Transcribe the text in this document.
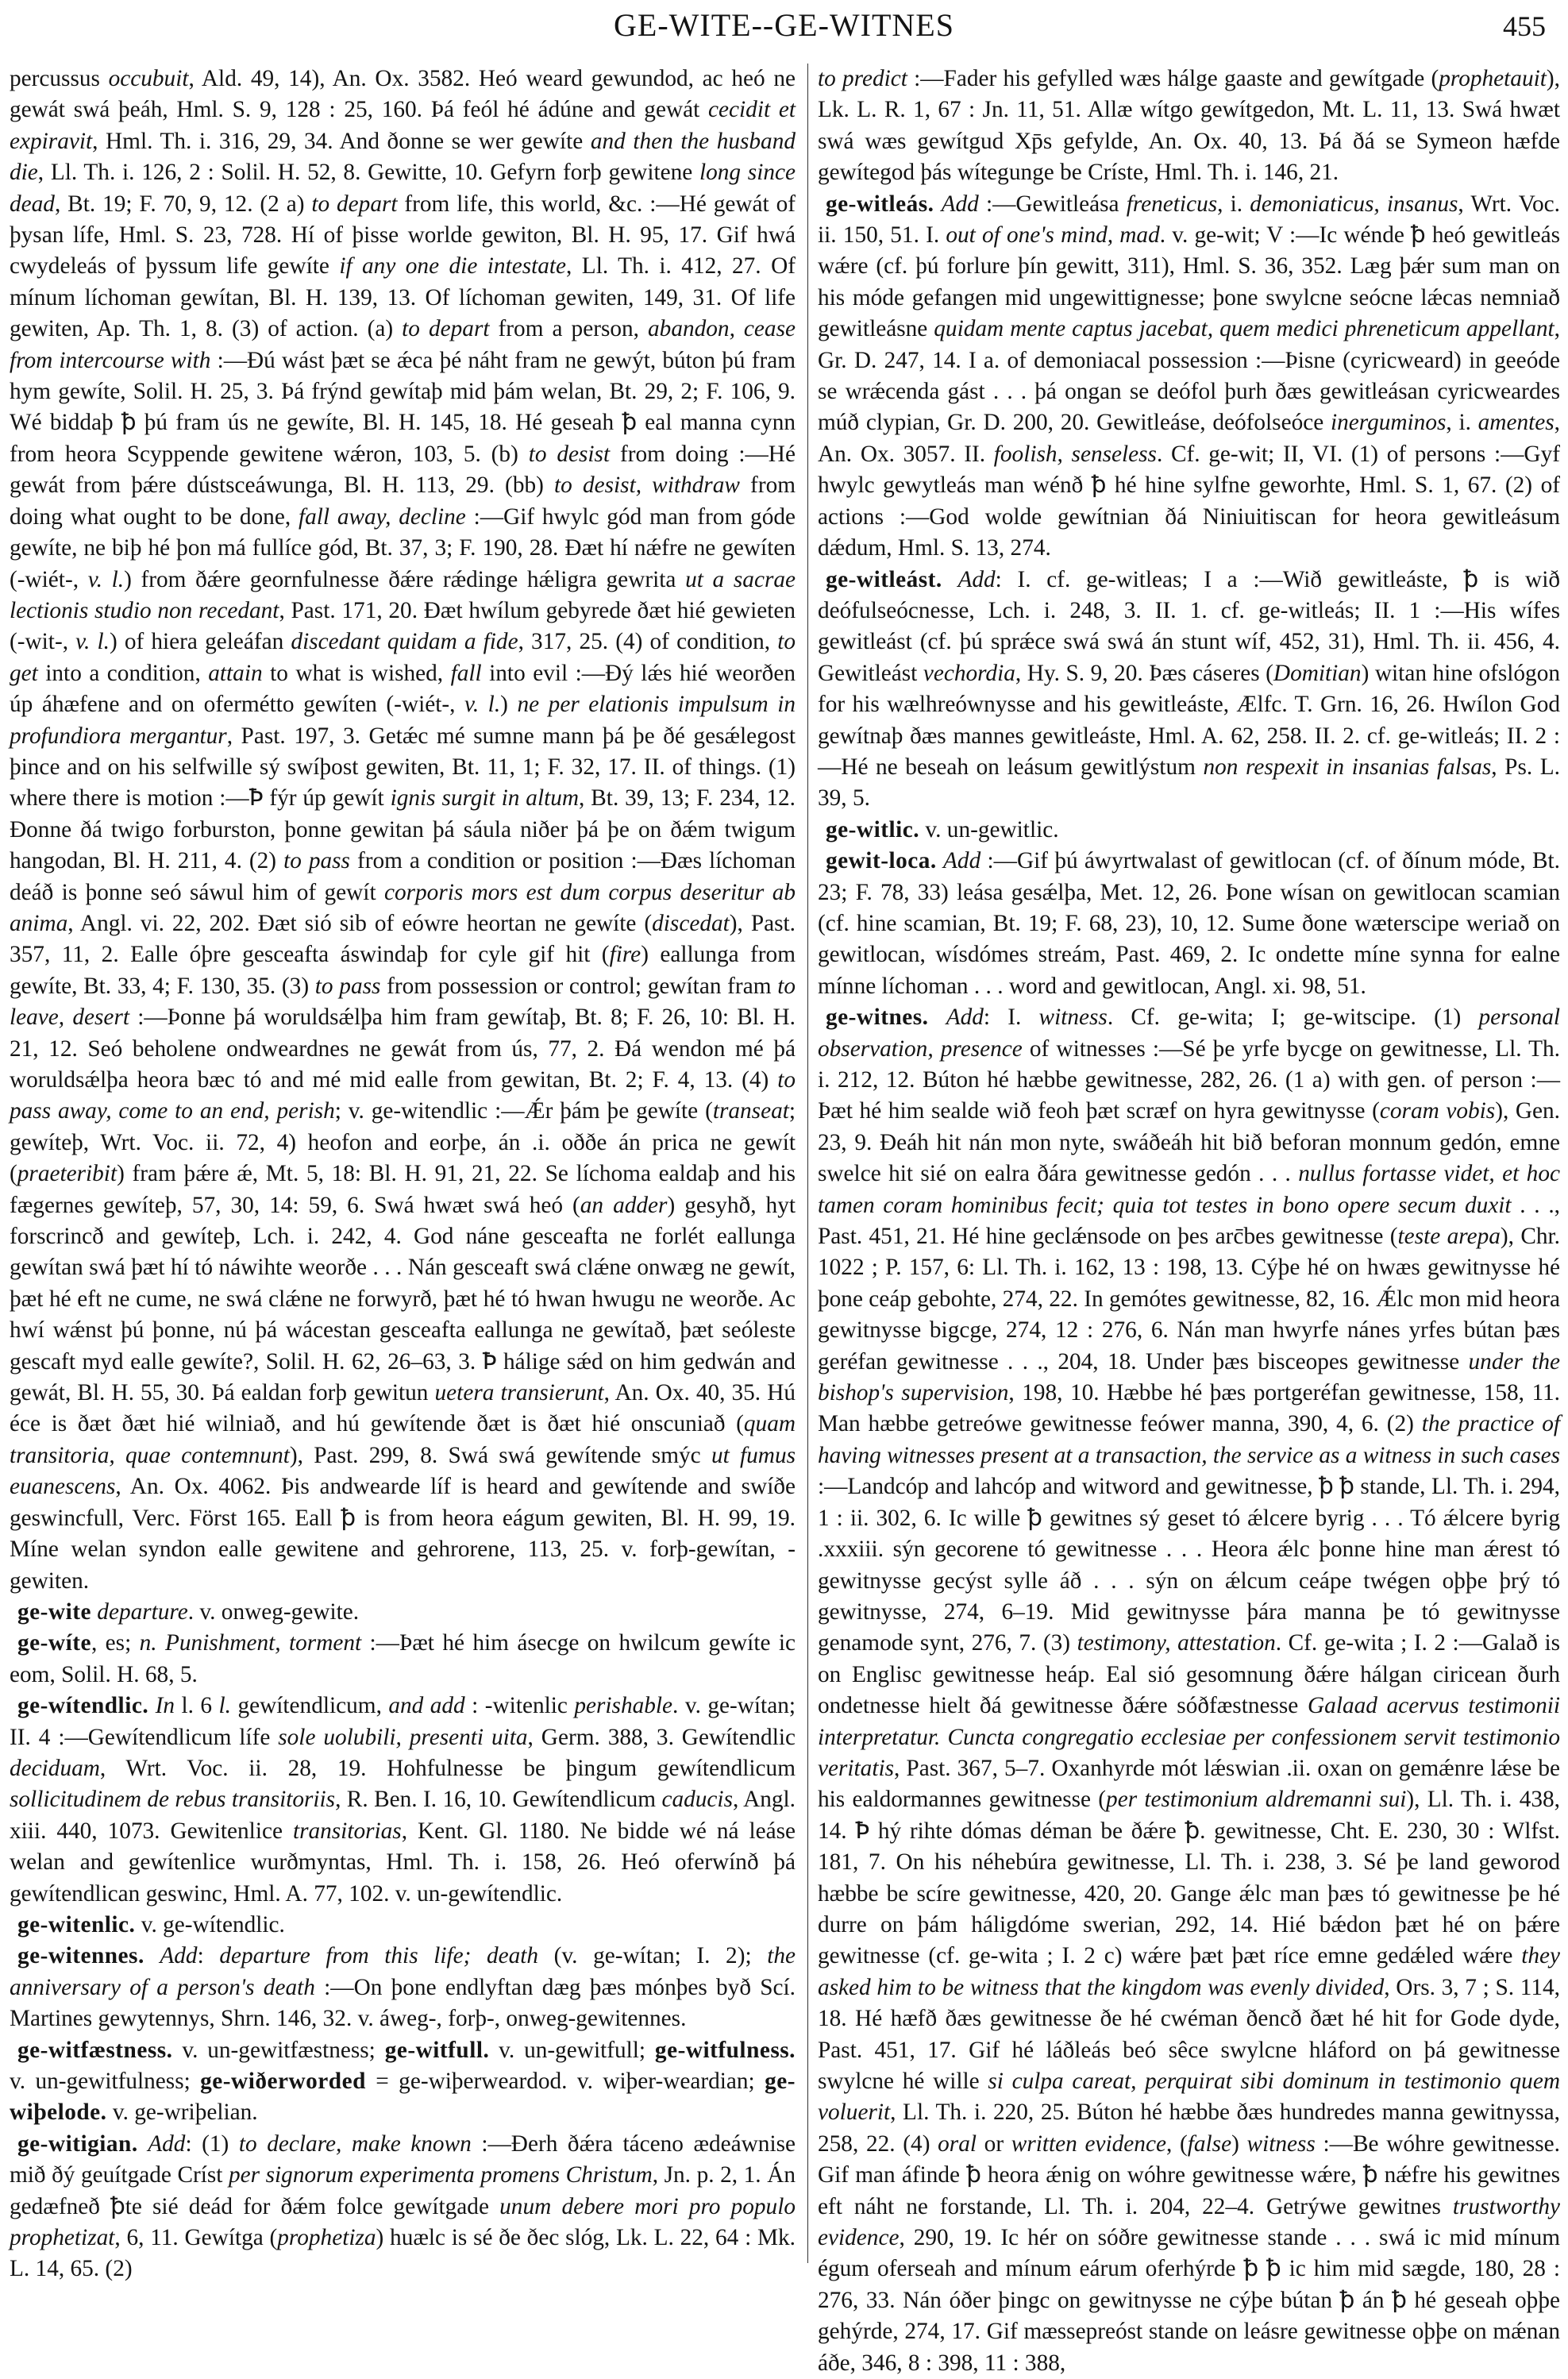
GE-WITE--GE-WITNES	455

percussus occubuit, Ald. 49, 14), An. Ox. 3582. Heó weard gewundod, ac heó ne gewát swá þeáh, Hml. S. 9, 128 : 25, 160. Þá feól hé ádúne and gewát cecidit et expiravit, Hml. Th. i. 316, 29, 34. And ðonne se wer gewíte and then the husband die, Ll. Th. i. 126, 2 : Solil. H. 52, 8. Gewitte, 10. Gefyrn forþ gewitene long since dead, Bt. 19; F. 70, 9, 12. (2 a) to depart from life, this world, &c. :—Hé gewát of þysan lífe, Hml. S. 23, 728. Hí of þisse worlde gewiton, Bl. H. 95, 17. Gif hwá cwydeleás of þyssum life gewíte if any one die intestate, Ll. Th. i. 412, 27. Of mínum líchoman gewítan, Bl. H. 139, 13. Of líchoman gewiten, 149, 31. Of life gewiten, Ap. Th. 1, 8. (3) of action. (a) to depart from a person, abandon, cease from intercourse with :—Ðú wást þæt se ǽca þé náht fram ne gewýt, búton þú fram hym gewíte, Solil. H. 25, 3. Þá frýnd gewítaþ mid þám welan, Bt. 29, 2; F. 106, 9. Wé biddaþ ꝥ þú fram ús ne gewíte, Bl. H. 145, 18. Hé geseah ꝥ eal manna cynn from heora Scyppende gewitene wǽron, 103, 5. (b) to desist from doing :—Hé gewát from þǽre dústsceáwunga, Bl. H. 113, 29. (bb) to desist, withdraw from doing what ought to be done, fall away, decline :—Gif hwylc gód man from góde gewíte, ne biþ hé þon má fullíce gód, Bt. 37, 3; F. 190, 28. Ðæt hí nǽfre ne gewíten (-wiét-, v. l.) from ðǽre geornfulnesse ðǽre rǽdinge hǽligra gewrita ut a sacrae lectionis studio non recedant, Past. 171, 20. Ðæt hwílum gebyrede ðæt hié gewieten (-wit-, v. l.) of hiera geleáfan discedant quidam a fide, 317, 25. (4) of condition, to get into a condition, attain to what is wished, fall into evil :—Ðý lǽs hié weorðen úp áhæfene and on ofermétto gewíten (-wiét-, v. l.) ne per elationis impulsum in profundiora mergantur, Past. 197, 3. Getǽc mé sumne mann þá þe ðé gesǽlegost þince and on his selfwille sý swíþost gewiten, Bt. 11, 1; F. 32, 17. II. of things. (1) where there is motion :—Ꝥ fýr úp gewít ignis surgit in altum, Bt. 39, 13; F. 234, 12. Ðonne ðá twigo forburston, þonne gewitan þá sáula niðer þá þe on ðǽm twigum hangodan, Bl. H. 211, 4. (2) to pass from a condition or position :—Ðæs líchoman deáð is þonne seó sáwul him of gewít corporis mors est dum corpus deseritur ab anima, Angl. vi. 22, 202. Ðæt sió sib of eówre heortan ne gewíte (discedat), Past. 357, 11, 2. Ealle óþre gesceafta áswindaþ for cyle gif hit (fire) eallunga from gewíte, Bt. 33, 4; F. 130, 35. (3) to pass from possession or control; gewítan fram to leave, desert :—Þonne þá woruldsǽlþa him fram gewítaþ, Bt. 8; F. 26, 10: Bl. H. 21, 12. Seó beholene ondweardnes ne gewát from ús, 77, 2. Ðá wendon mé þá woruldsǽlþa heora bæc tó and mé mid ealle from gewitan, Bt. 2; F. 4, 13. (4) to pass away, come to an end, perish; v. ge-witendlic :—Ǽr þám þe gewíte (transeat; gewíteþ, Wrt. Voc. ii. 72, 4) heofon and eorþe, án .i. oððe án prica ne gewít (praeteribit) fram þǽre ǽ, Mt. 5, 18: Bl. H. 91, 21, 22. Se líchoma ealdaþ and his fægernes gewíteþ, 57, 30, 14: 59, 6. Swá hwæt swá heó (an adder) gesyhð, hyt forscrincð and gewíteþ, Lch. i. 242, 4. God náne gesceafta ne forlét eallunga gewítan swá þæt hí tó náwihte weorðe . . . Nán gesceaft swá clǽne onwæg ne gewít, þæt hé eft ne cume, ne swá clǽne ne forwyrð, þæt hé tó hwan hwugu ne weorðe. Ac hwí wǽnst þú þonne, nú þá wácestan gesceafta eallunga ne gewítað, þæt seóleste gescaft myd ealle gewíte?, Solil. H. 62, 26–63, 3. Ꝥ hálige sǽd on him gedwán and gewát, Bl. H. 55, 30. Þá ealdan forþ gewitun uetera transierunt, An. Ox. 40, 35. Hú éce is ðæt ðæt hié wilniað, and hú gewítende ðæt is ðæt hié onscuniað (quam transitoria, quae contemnunt), Past. 299, 8. Swá swá gewítende smýc ut fumus euanescens, An. Ox. 4062. Þis andwearde líf is heard and gewítende and swíðe geswincfull, Verc. Först 165. Eall ꝥ is from heora eágum gewiten, Bl. H. 99, 19. Míne welan syndon ealle gewitene and gehrorene, 113, 25. v. forþ-gewítan, -gewiten.

ge-wite departure. v. onweg-gewite.

ge-wíte, es; n. Punishment, torment :—Þæt hé him ásecge on hwilcum gewíte ic eom, Solil. H. 68, 5.

ge-wítendlic. In l. 6 l. gewítendlicum, and add : -witenlic perishable. v. ge-wítan; II. 4 :—Gewítendlicum lífe sole uolubili, presenti uita, Germ. 388, 3. Gewítendlic deciduam, Wrt. Voc. ii. 28, 19. Hohfulnesse be þingum gewítendlicum sollicitudinem de rebus transitoriis, R. Ben. I. 16, 10. Gewítendlicum caducis, Angl. xiii. 440, 1073. Gewitenlice transitorias, Kent. Gl. 1180. Ne bidde wé ná leáse welan and gewítenlice wurðmyntas, Hml. Th. i. 158, 26. Heó oferwínð þá gewítendlican geswinc, Hml. A. 77, 102. v. un-gewítendlic.

ge-witenlic. v. ge-wítendlic.

ge-witennes. Add: departure from this life; death (v. ge-wítan; I. 2); the anniversary of a person's death :—On þone endlyftan dæg þæs mónþes byð Scí. Martines gewytennys, Shrn. 146, 32. v. áweg-, forþ-, onweg-gewitennes.

ge-witfæstness. v. un-gewitfæstness; ge-witfull. v. un-gewitfull; ge-witfulness. v. un-gewitfulness; ge-wiðerworded = ge-wiþerweardod. v. wiþer-weardian; ge-wiþelode. v. ge-wriþelian.

ge-witigian. Add: (1) to declare, make known :—Ðerh ðǽra táceno ædeáwnise mið ðý geuítgade Críst per signorum experimenta promens Christum, Jn. p. 2, 1. Án gedæfneð ꝥte sié deád for ðǽm folce gewítgade unum debere mori pro populo prophetizat, 6, 11. Gewítga (prophetiza) huælc is sé ðe ðec slóg, Lk. L. 22, 64 : Mk. L. 14, 65. (2)

to predict :—Fader his gefylled wæs hálge gaaste and gewítgade (prophetauit), Lk. L. R. 1, 67 : Jn. 11, 51. Allæ wítgo gewítgedon, Mt. L. 11, 13. Swá hwæt swá wæs gewítgud Xp̄s gefylde, An. Ox. 40, 13. Þá ðá se Symeon hæfde gewítegod þás wítegunge be Críste, Hml. Th. i. 146, 21.

ge-witleás. Add :—Gewitleása freneticus, i. demoniaticus, insanus, Wrt. Voc. ii. 150, 51. I. out of one's mind, mad. v. ge-wit; V :—Ic wénde ꝥ heó gewitleás wǽre (cf. þú forlure þín gewitt, 311), Hml. S. 36, 352. Læg þǽr sum man on his móde gefangen mid ungewittignesse; þone swylcne seócne lǽcas nemniað gewitleásne quidam mente captus jacebat, quem medici phreneticum appellant, Gr. D. 247, 14. I a. of demoniacal possession :—Þisne (cyricweard) in geeóde se wrǽcenda gást . . . þá ongan se deófol þurh ðæs gewitleásan cyricweardes múð clypian, Gr. D. 200, 20. Gewitleáse, deófolseóce inerguminos, i. amentes, An. Ox. 3057. II. foolish, senseless. Cf. ge-wit; II, VI. (1) of persons :—Gyf hwylc gewytleás man wénð ꝥ hé hine sylfne geworhte, Hml. S. 1, 67. (2) of actions :—God wolde gewítnian ðá Niniuitiscan for heora gewitleásum dǽdum, Hml. S. 13, 274.

ge-witleást. Add: I. cf. ge-witleas; I a :—Wið gewitleáste, ꝥ is wið deófulseócnesse, Lch. i. 248, 3. II. 1. cf. ge-witleás; II. 1 :—His wífes gewitleást (cf. þú sprǽce swá swá án stunt wíf, 452, 31), Hml. Th. ii. 456, 4. Gewitleást vechordia, Hy. S. 9, 20. Þæs cáseres (Domitian) witan hine ofslógon for his wælhreównysse and his gewitleáste, Ælfc. T. Grn. 16, 26. Hwílon God gewítnaþ ðæs mannes gewitleáste, Hml. A. 62, 258. II. 2. cf. ge-witleás; II. 2 :—Hé ne beseah on leásum gewitlýstum non respexit in insanias falsas, Ps. L. 39, 5.

ge-witlic. v. un-gewitlic.

gewit-loca. Add :—Gif þú áwyrtwalast of gewitlocan (cf. of ðínum móde, Bt. 23; F. 78, 33) leása gesǽlþa, Met. 12, 26. Þone wísan on gewitlocan scamian (cf. hine scamian, Bt. 19; F. 68, 23), 10, 12. Sume ðone wæterscipe weriað on gewitlocan, wísdómes streám, Past. 469, 2. Ic ondette míne synna for ealne mínne líchoman . . . word and gewitlocan, Angl. xi. 98, 51.

ge-witnes. Add: I. witness. Cf. ge-wita; I; ge-witscipe. (1) personal observation, presence of witnesses :—Sé þe yrfe bycge on gewitnesse, Ll. Th. i. 212, 12. Búton hé hæbbe gewitnesse, 282, 26. (1 a) with gen. of person :—Þæt hé him sealde wið feoh þæt scræf on hyra gewitnysse (coram vobis), Gen. 23, 9. Ðeáh hit nán mon nyte, swáðeáh hit bið beforan monnum gedón, emne swelce hit sié on ealra ðára gewitnesse gedón . . . nullus fortasse videt, et hoc tamen coram hominibus fecit; quia tot testes in bono opere secum duxit . . ., Past. 451, 21. Hé hine geclǽnsode on þes arc̄bes gewitnesse (teste arepa), Chr. 1022 ; P. 157, 6: Ll. Th. i. 162, 13 : 198, 13. Cýþe hé on hwæs gewitnysse hé þone ceáp gebohte, 274, 22. In gemótes gewitnesse, 82, 16. Ǽlc mon mid heora gewitnysse bigcge, 274, 12 : 276, 6. Nán man hwyrfe nánes yrfes bútan þæs geréfan gewitnesse . . ., 204, 18. Under þæs bisceopes gewitnesse under the bishop's supervision, 198, 10. Hæbbe hé þæs portgeréfan gewitnesse, 158, 11. Man hæbbe getreówe gewitnesse feówer manna, 390, 4, 6. (2) the practice of having witnesses present at a transaction, the service as a witness in such cases :—Landcóp and lahcóp and witword and gewitnesse, ꝥ ꝥ stande, Ll. Th. i. 294, 1 : ii. 302, 6. Ic wille ꝥ gewitnes sý geset tó ǽlcere byrig . . . Tó ǽlcere byrig .xxxiii. sýn gecorene tó gewitnesse . . . Heora ǽlc þonne hine man ǽrest tó gewitnysse gecýst sylle áð . . . sýn on ǽlcum ceápe twégen oþþe þrý tó gewitnysse, 274, 6–19. Mid gewitnysse þára manna þe tó gewitnysse genamode synt, 276, 7. (3) testimony, attestation. Cf. ge-wita ; I. 2 :—Galað is on Englisc gewitnesse heáp. Eal sió gesomnung ðǽre hálgan ciricean ðurh ondetnesse hielt ðá gewitnesse ðǽre sóðfæstnesse Galaad acervus testimonii interpretatur. Cuncta congregatio ecclesiae per confessionem servit testimonio veritatis, Past. 367, 5–7. Oxanhyrde mót lǽswian .ii. oxan on gemǽnre lǽse be his ealdormannes gewitnesse (per testimonium aldremanni sui), Ll. Th. i. 438, 14. Ꝥ hý rihte dómas déman be ðǽre ꝥ. gewitnesse, Cht. E. 230, 30 : Wlfst. 181, 7. On his néhebúra gewitnesse, Ll. Th. i. 238, 3. Sé þe land geworod hæbbe be scíre gewitnesse, 420, 20. Gange ǽlc man þæs tó gewitnesse þe hé durre on þám háligdóme swerian, 292, 14. Hié bǽdon þæt hé on þǽre gewitnesse (cf. ge-wita ; I. 2 c) wǽre þæt þæt ríce emne gedǽled wǽre they asked him to be witness that the kingdom was evenly divided, Ors. 3, 7 ; S. 114, 18. Hé hæfð ðæs gewitnesse ðe hé cwéman ðencð ðæt hé hit for Gode dyde, Past. 451, 17. Gif hé láðleás beó sêce swylcne hláford on þá gewitnesse swylcne hé wille si culpa careat, perquirat sibi dominum in testimonio quem voluerit, Ll. Th. i. 220, 25. Búton hé hæbbe ðæs hundredes manna gewitnyssa, 258, 22. (4) oral or written evidence, (false) witness :—Be wóhre gewitnesse. Gif man áfinde ꝥ heora ǽnig on wóhre gewitnesse wǽre, ꝥ nǽfre his gewitnes eft náht ne forstande, Ll. Th. i. 204, 22–4. Getrýwe gewitnes trustworthy evidence, 290, 19. Ic hér on sóðre gewitnesse stande . . . swá ic mid mínum égum oferseah and mínum eárum oferhýrde ꝥ ꝥ ic him mid sægde, 180, 28 : 276, 33. Nán óðer þingc on gewitnysse ne cýþe bútan ꝥ án ꝥ hé geseah oþþe gehýrde, 274, 17. Gif mæssepreóst stande on leásre gewitnesse oþþe on mǽnan áðe, 346, 8 : 398, 11 : 388,
